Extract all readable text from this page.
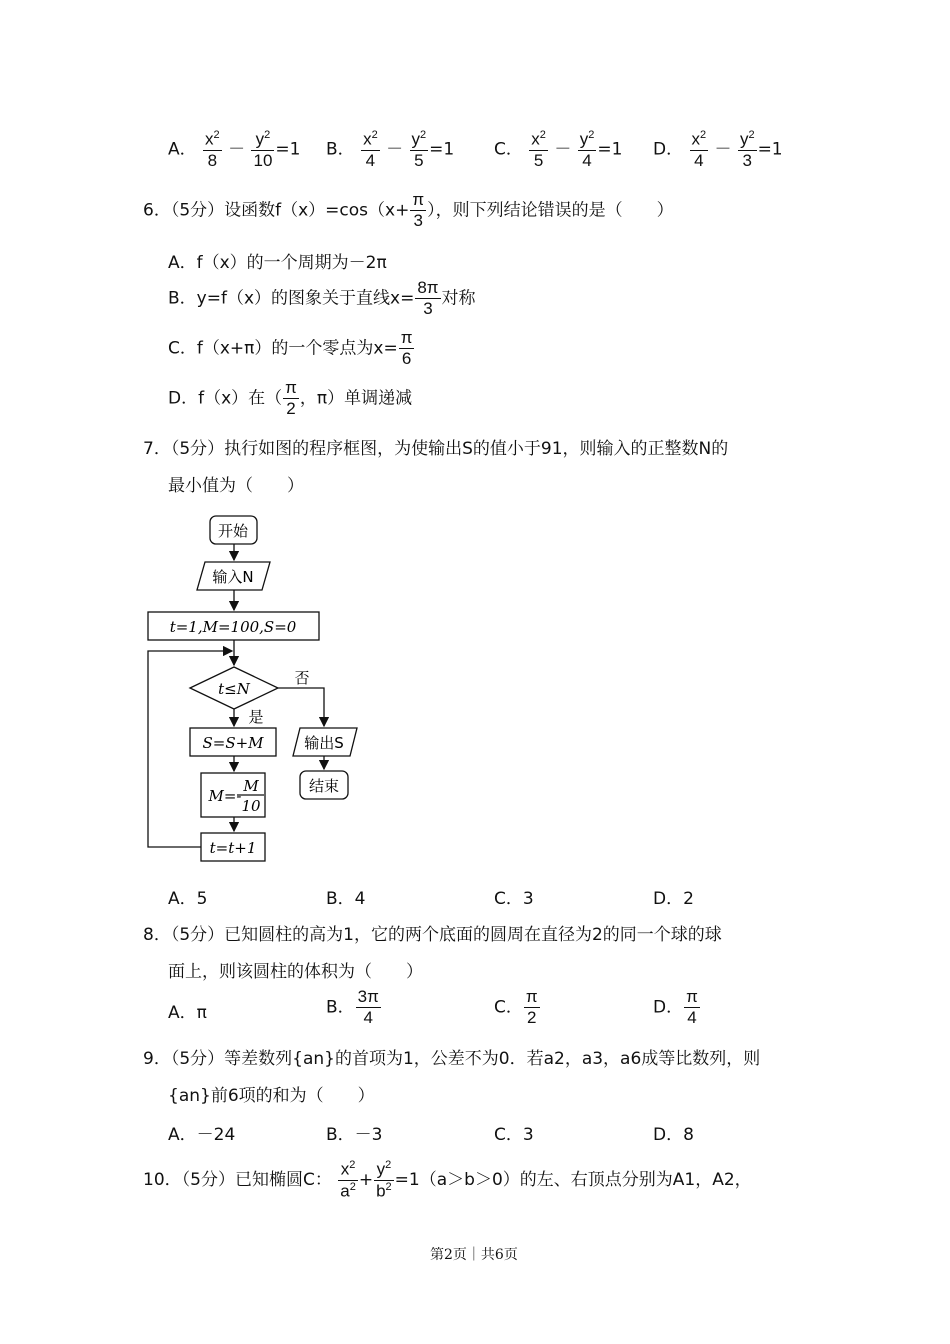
A． $\frac{x^2}{8} - \frac{y^2}{10} =1$ B． $\frac{x^2}{4} - \frac{y^2}{5} =1$ C． $\frac{x^2}{5} - \frac{y^2}{4} =1$ D． $\frac{x^2}{4} - \frac{y^2}{3} =1$
6．（5分）设函数$f(x)=\cos(x+ \frac{\pi}{3}$ ），则下列结论错误的是（　　）
A．f（x）的一个周期为－2π
B．y=f（x）的图象关于直线$x= \frac{8\pi}{3}$ 对称
C．f（x+π）的一个零点为$x= \frac{\pi}{6}$
D．f（x）在（ $\frac{\pi}{2}$ ，π）单调递减
7．（5分）执行如图的程序框图，为使输出S的值小于91，则输入的正整数N的
最小值为（　　）
开始
输入N
t=1,M=100,S=0
t≤N
否
是
S=S+M
M=-
M
10
t=t+1
输出S
结束
A．5	B．4	C．3	D．2
8．（5分）已知圆柱的高为1，它的两个底面的圆周在直径为2的同一个球的球
面上，则该圆柱的体积为（　　）
A．π	B． $\frac{3\pi}{4}$	C． $\frac{\pi}{2}$	D． $\frac{\pi}{4}$
9．（5分）等差数列{an}的首项为1，公差不为0．若a2，a3，a6成等比数列，则
{an}前6项的和为（　　）
A．－24	B．－3	C．3	D．8
10．（5分）已知椭圆C： $\frac{x^2}{a^2} + \frac{y^2}{b^2} =1(a>b>0)$的左、右顶点分别为A1，A2，
第2页｜共6页
